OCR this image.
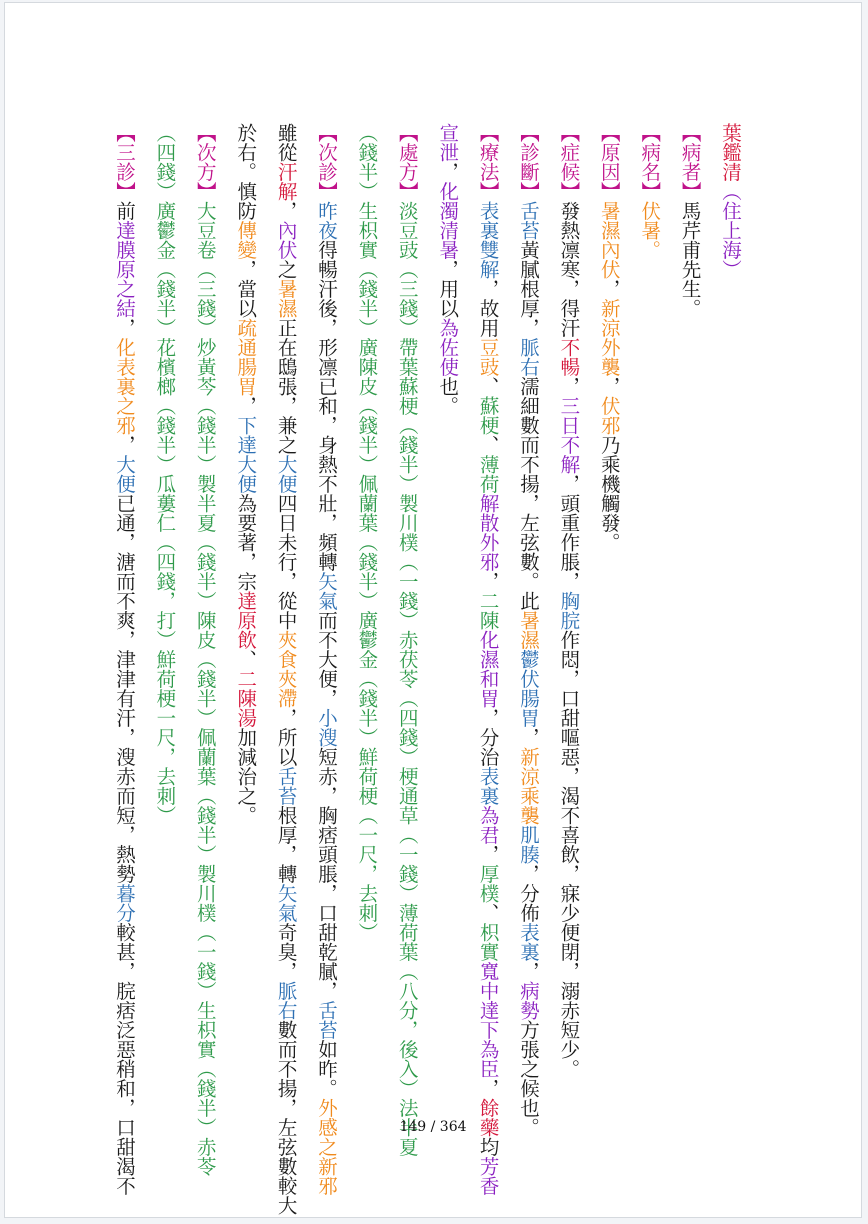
葉鑑清（住上海）
【病者】馬芹甫先生。
【病名】伏暑。
【原因】暑濕內伏，新涼外襲，伏邪乃乘機觸發。
【症候】發熱凛寒，得汗不暢，三日不解，頭重作脹，胸脘作悶，口甜嘔惡，渴不喜飲，寐少便閉，溺赤短少。
【診斷】舌苔黃膩根厚，脈右濡細數而不揚，左弦數。此暑濕鬱伏腸胃，新涼乘襲肌腠，分佈表裏，病勢方張之候也。
【療法】表裏雙解，故用豆豉、蘇梗、薄荷解散外邪，二陳化濕和胃，分治表裏為君，厚樸、枳實寬中達下為臣，餘藥均芳香
宣泄，化濁清暑，用以為佐使也。
【處方】淡豆豉（三錢）帶葉蘇梗（錢半）製川樸（一錢）赤茯苓（四錢）梗通草（一錢）薄荷葉（八分，後入）法半夏
（錢半）生枳實（錢半）廣陳皮（錢半）佩蘭葉（錢半）廣鬱金（錢半）鮮荷梗（一尺，去刺）
【次診】昨夜得暢汗後，形凛已和，身熱不壯，頻轉矢氣而不大便，小溲短赤，胸痞頭脹，口甜乾膩，舌苔如昨。外感之新邪
雖從汗解，內伏之暑濕正在鴟張，兼之大便四日未行，從中夾食夾滯，所以舌苔根厚，轉矢氣奇臭，脈右數而不揚，左弦數較大
於右。慎防傳變，當以疏通腸胃，下達大便為要著，宗達原飲、二陳湯加減治之。
【次方】大豆卷（三錢）炒黃芩（錢半）製半夏（錢半）陳皮（錢半）佩蘭葉（錢半）製川樸（一錢）生枳實（錢半）赤苓
（四錢）廣鬱金（錢半）花檳榔（錢半）瓜蔞仁（四錢，打）鮮荷梗一尺，去刺）
【三診】前達膜原之結，化表裏之邪，大便已通，溏而不爽，津津有汗，溲赤而短，熱勢暮分較甚，脘痞泛惡稍和，口甜渴不	149 / 364
